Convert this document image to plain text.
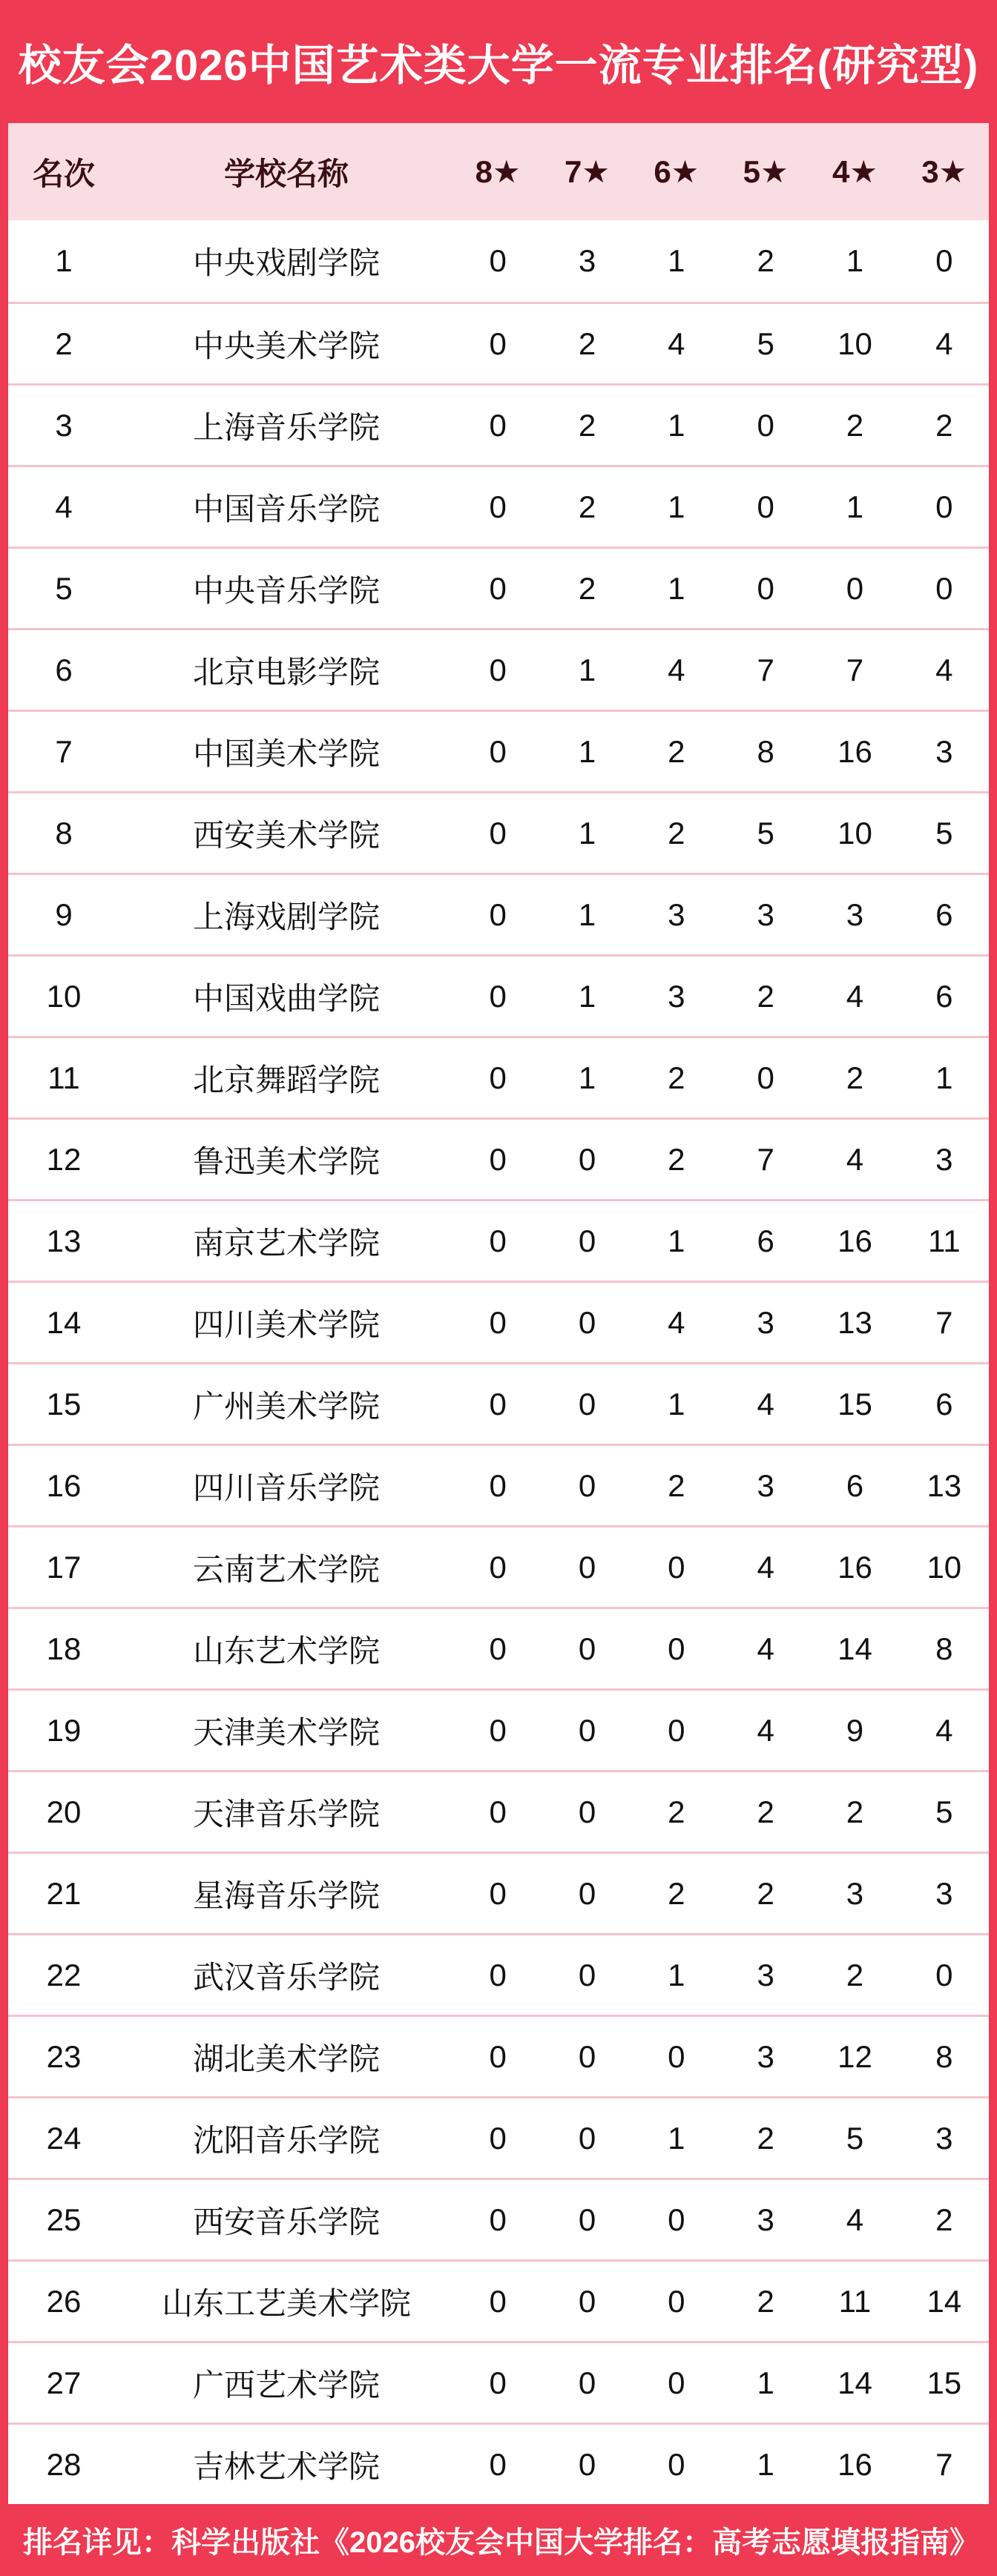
校友会2026中国艺术类大学一流专业排名(研究型)
名次	学校名称	8★	7★	6★	5★	4★	3★
1	中央戏剧学院	0	3	1	2	1	0
2	中央美术学院	0	2	4	5	10	4
3	上海音乐学院	0	2	1	0	2	2
4	中国音乐学院	0	2	1	0	1	0
5	中央音乐学院	0	2	1	0	0	0
6	北京电影学院	0	1	4	7	7	4
7	中国美术学院	0	1	2	8	16	3
8	西安美术学院	0	1	2	5	10	5
9	上海戏剧学院	0	1	3	3	3	6
10	中国戏曲学院	0	1	3	2	4	6
11	北京舞蹈学院	0	1	2	0	2	1
12	鲁迅美术学院	0	0	2	7	4	3
13	南京艺术学院	0	0	1	6	16	11
14	四川美术学院	0	0	4	3	13	7
15	广州美术学院	0	0	1	4	15	6
16	四川音乐学院	0	0	2	3	6	13
17	云南艺术学院	0	0	0	4	16	10
18	山东艺术学院	0	0	0	4	14	8
19	天津美术学院	0	0	0	4	9	4
20	天津音乐学院	0	0	2	2	2	5
21	星海音乐学院	0	0	2	2	3	3
22	武汉音乐学院	0	0	1	3	2	0
23	湖北美术学院	0	0	0	3	12	8
24	沈阳音乐学院	0	0	1	2	5	3
25	西安音乐学院	0	0	0	3	4	2
26	山东工艺美术学院	0	0	0	2	11	14
27	广西艺术学院	0	0	0	1	14	15
28	吉林艺术学院	0	0	0	1	16	7
排名详见：科学出版社《2026校友会中国大学排名：高考志愿填报指南》
